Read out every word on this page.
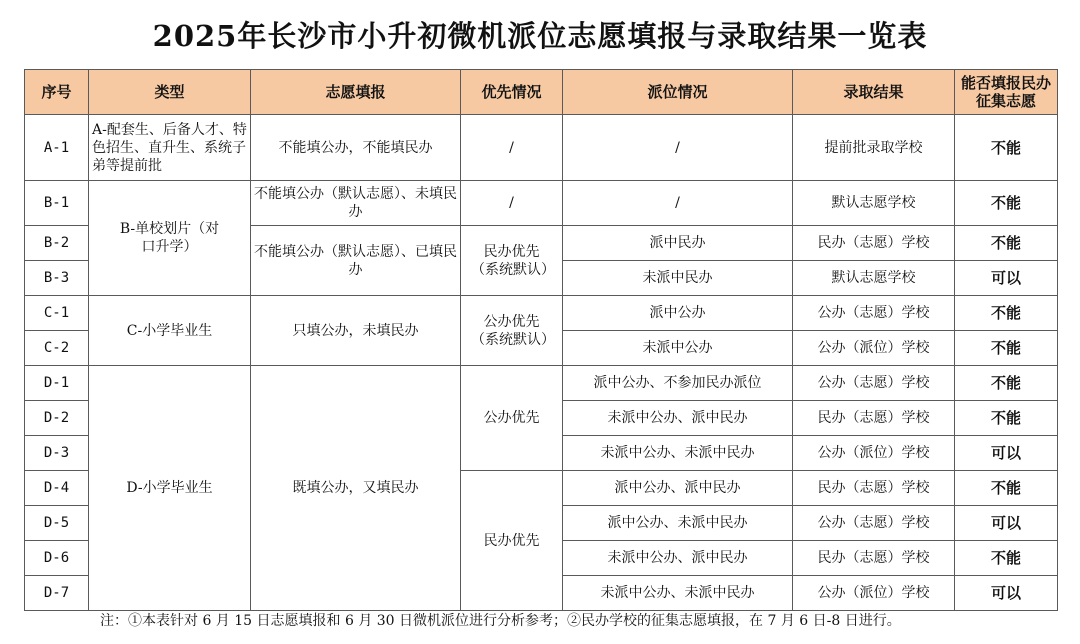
2025年长沙市小升初微机派位志愿填报与录取结果一览表
序号	类型	志愿填报	优先情况	派位情况	录取结果	能否填报民办征集志愿
A-1	A-配套生、后备人才、特色招生、直升生、系统子弟等提前批	不能填公办，不能填民办	/	/	提前批录取学校	不能
B-1	B-单校划片（对口升学）	不能填公办（默认志愿）、未填民办	/	/	默认志愿学校	不能
B-2		不能填公办（默认志愿）、已填民办	民办优先（系统默认）	派中民办	民办（志愿）学校	不能
B-3				未派中民办	默认志愿学校	可以
C-1	C-小学毕业生	只填公办，未填民办	公办优先（系统默认）	派中公办	公办（志愿）学校	不能
C-2				未派中公办	公办（派位）学校	不能
D-1	D-小学毕业生	既填公办，又填民办	公办优先	派中公办、不参加民办派位	公办（志愿）学校	不能
D-2				未派中公办、派中民办	民办（志愿）学校	不能
D-3				未派中公办、未派中民办	公办（派位）学校	可以
D-4			民办优先	派中公办、派中民办	民办（志愿）学校	不能
D-5				派中公办、未派中民办	公办（志愿）学校	可以
D-6				未派中公办、派中民办	民办（志愿）学校	不能
D-7				未派中公办、未派中民办	公办（派位）学校	可以
注：①本表针对 6 月 15 日志愿填报和 6 月 30 日微机派位进行分析参考；②民办学校的征集志愿填报，在 7 月 6 日-8 日进行。
